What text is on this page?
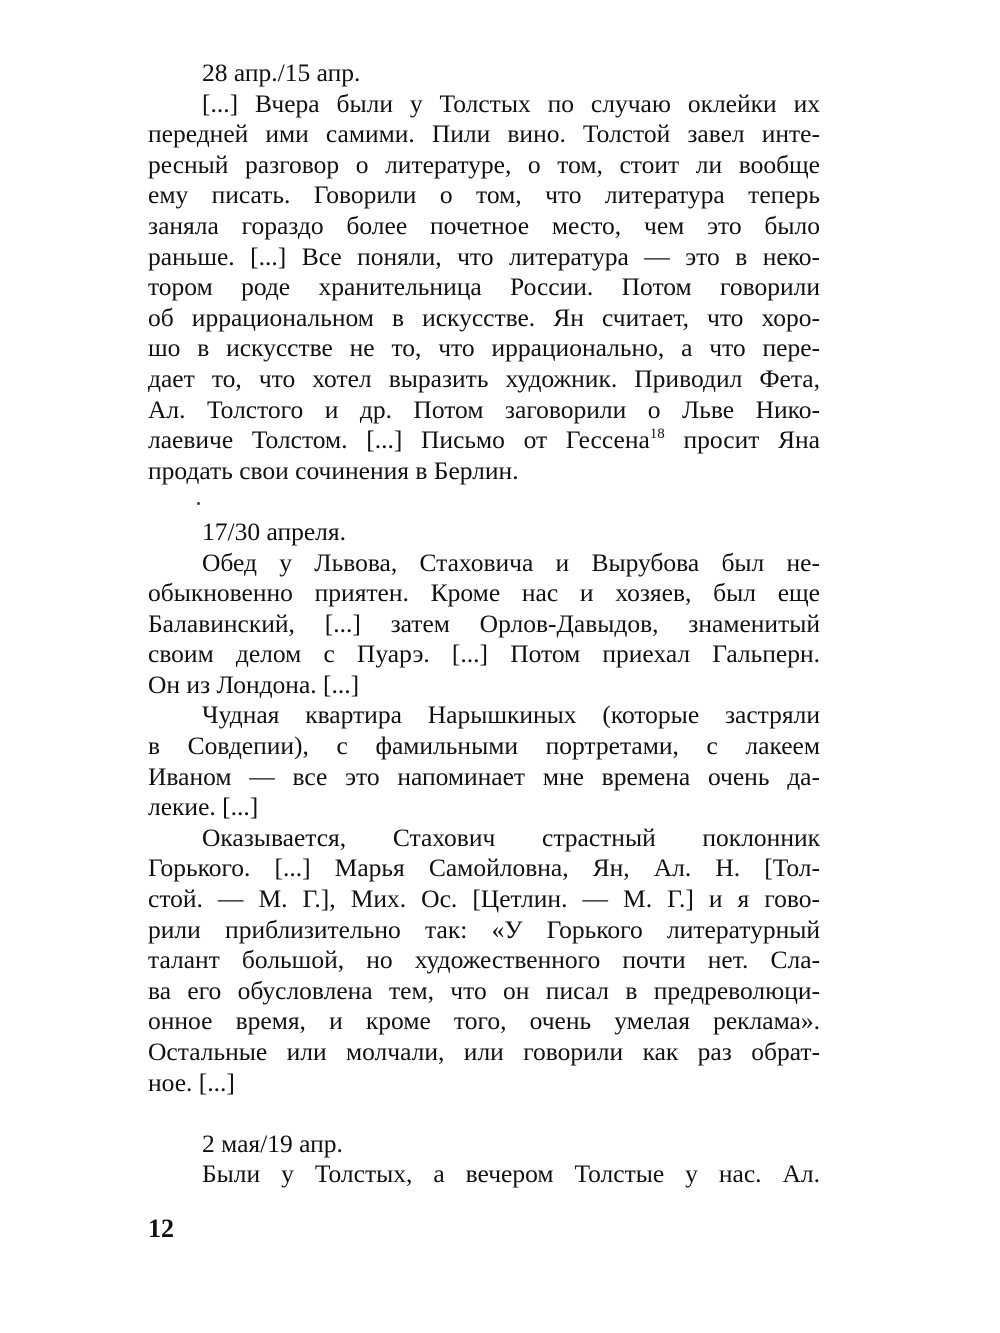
28 апр./15 апр.
[...] Вчера были у Толстых по случаю оклейки их
передней ими самими. Пили вино. Толстой завел инте-
ресный разговор о литературе, о том, стоит ли вообще
ему писать. Говорили о том, что литература теперь
заняла гораздо более почетное место, чем это было
раньше. [...] Все поняли, что литература — это в неко-
тором роде хранительница России. Потом говорили
об иррациональном в искусстве. Ян считает, что хоро-
шо в искусстве не то, что иррационально, а что пере-
дает то, что хотел выразить художник. Приводил Фета,
Ал. Толстого и др. Потом заговорили о Льве Нико-
лаевиче Толстом. [...] Письмо от Гессена$^{18}$ просит Яна
продать свои сочинения в Берлин.
17/30 апреля.
Обед у Львова, Стаховича и Вырубова был не-
обыкновенно приятен. Кроме нас и хозяев, был еще
Балавинский, [...] затем Орлов-Давыдов, знаменитый
своим делом с Пуарэ. [...] Потом приехал Гальперн.
Он из Лондона. [...]
Чудная квартира Нарышкиных (которые застряли
в Совдепии), с фамильными портретами, с лакеем
Иваном — все это напоминает мне времена очень да-
лекие. [...]
Оказывается, Стахович страстный поклонник
Горького. [...] Марья Самойловна, Ян, Ал. Н. [Тол-
стой. — М. Г.], Мих. Ос. [Цетлин. — М. Г.] и я гово-
рили приблизительно так: «У Горького литературный
талант большой, но художественного почти нет. Сла-
ва его обусловлена тем, что он писал в предреволюци-
онное время, и кроме того, очень умелая реклама».
Остальные или молчали, или говорили как раз обрат-
ное. [...]
2 мая/19 апр.
Были у Толстых, а вечером Толстые у нас. Ал.
12
